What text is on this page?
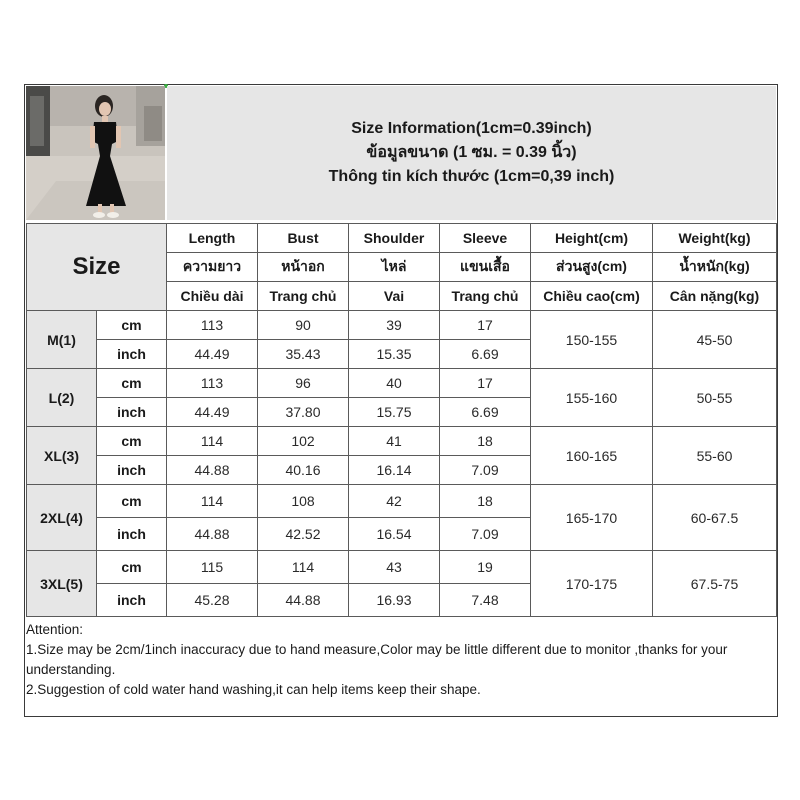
Size Information(1cm=0.39inch)
ข้อมูลขนาด (1 ซม. = 0.39 นิ้ว)
Thông tin kích thước (1cm=0,39 inch)
Size		Length	Bust	Shoulder	Sleeve	Height(cm)	Weight(kg)
		ความยาว	หน้าอก	ไหล่	แขนเสื้อ	ส่วนสูง(cm)	น้ำหนัก(kg)
		Chiều dài	Trang chủ	Vai	Trang chủ	Chiều cao(cm)	Cân nặng(kg)
M(1)	cm	113	90	39	17	150-155	45-50
	inch	44.49	35.43	15.35	6.69		
L(2)	cm	113	96	40	17	155-160	50-55
	inch	44.49	37.80	15.75	6.69		
XL(3)	cm	114	102	41	18	160-165	55-60
	inch	44.88	40.16	16.14	7.09		
2XL(4)	cm	114	108	42	18	165-170	60-67.5
	inch	44.88	42.52	16.54	7.09		
3XL(5)	cm	115	114	43	19	170-175	67.5-75
	inch	45.28	44.88	16.93	7.48		
Attention:
1.Size may be 2cm/1inch inaccuracy due to hand measure,Color may be little different due to monitor ,thanks for your understanding.
2.Suggestion of cold water hand washing,it can help items keep their shape.
